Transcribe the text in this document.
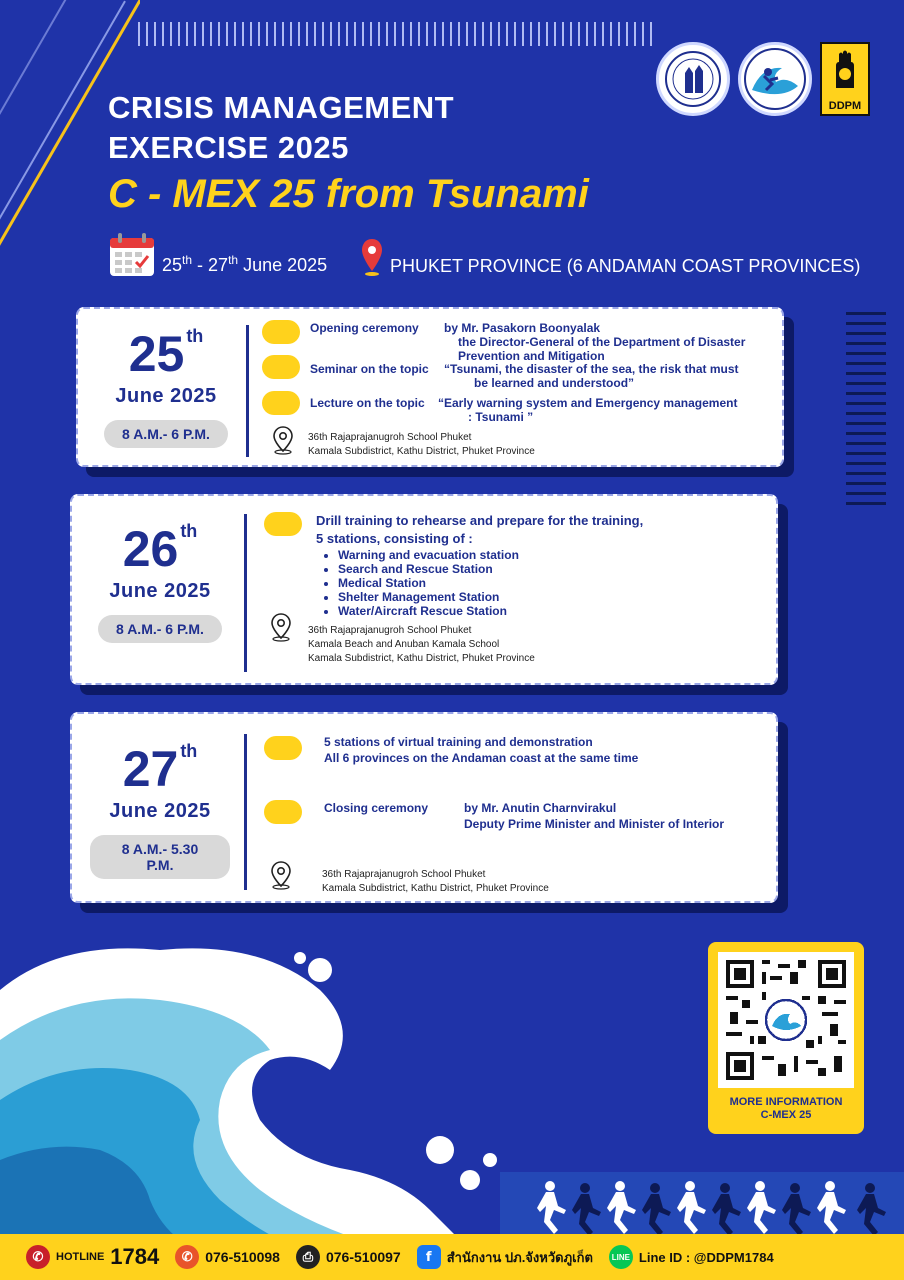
CRISIS MANAGEMENT
EXERCISE 2025
C - MEX 25 from Tsunami
DDPM
25th - 27th June 2025	PHUKET PROVINCE (6 ANDAMAN COAST PROVINCES)
25 $^{th}$
June 2025
8 A.M.- 6 P.M.
Opening ceremony by Mr. Pasakorn Boonyalak
the Director-General of the Department of Disaster
Prevention and Mitigation
Seminar on the topic “Tsunami, the disaster of the sea, the risk that must
be learned and understood”
Lecture on the topic “Early warning system and Emergency management
: Tsunami ”
36th Rajaprajanugroh School Phuket
Kamala Subdistrict, Kathu District, Phuket Province
26 $^{th}$
June 2025
8 A.M.- 6 P.M.
Drill training to rehearse and prepare for the training,
5 stations, consisting of :
• Warning and evacuation station
• Search and Rescue Station
• Medical Station
• Shelter Management Station
• Water/Aircraft Rescue Station
36th Rajaprajanugroh School Phuket
Kamala Beach and Anuban Kamala School
Kamala Subdistrict, Kathu District, Phuket Province
27 $^{th}$
June 2025
8 A.M.- 5.30 P.M.
5 stations of virtual training and demonstration
All 6 provinces on the Andaman coast at the same time
Closing ceremony	by Mr. Anutin Charnvirakul
Deputy Prime Minister and Minister of Interior
36th Rajaprajanugroh School Phuket
Kamala Subdistrict, Kathu District, Phuket Province
MORE INFORMATION
C-MEX 25
✆	HOTLINE 1784	✆ 076-510098	⎙ 076-510097	f	สำนักงาน ปภ.จังหวัดภูเก็ต	LINE Line ID : @DDPM1784
